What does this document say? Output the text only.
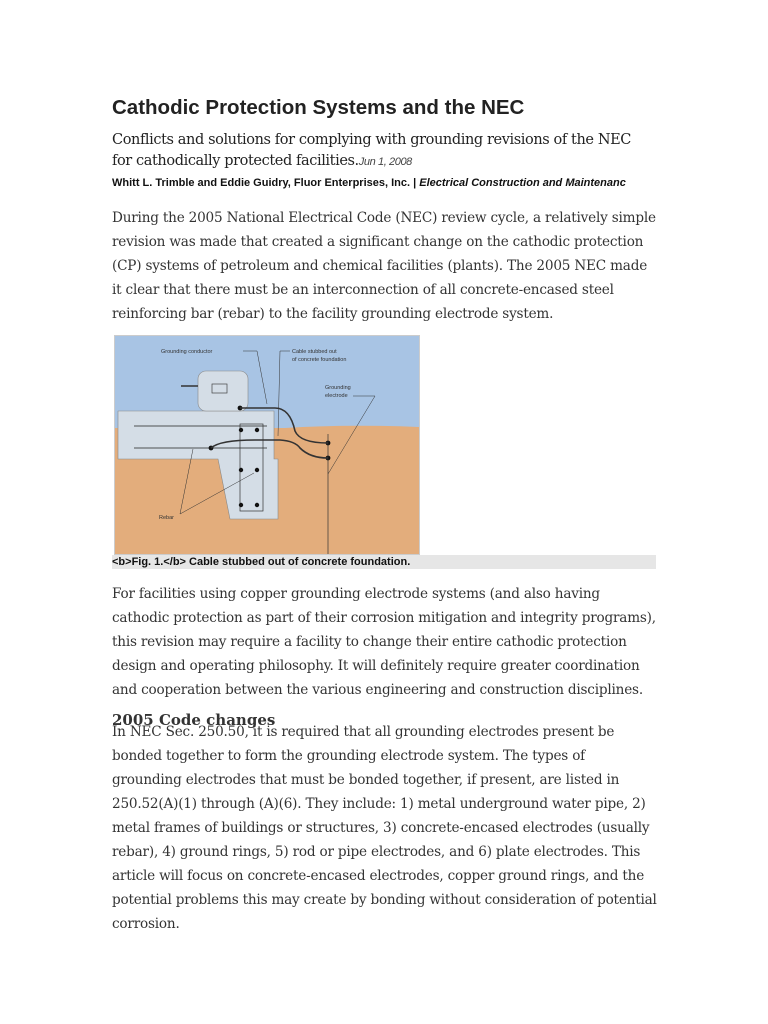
Cathodic Protection Systems and the NEC
Conflicts and solutions for complying with grounding revisions of the NEC for cathodically protected facilities.Jun 1, 2008
Whitt L. Trimble and Eddie Guidry, Fluor Enterprises, Inc. | Electrical Construction and Maintenanc

During the 2005 National Electrical Code (NEC) review cycle, a relatively simple revision was made that created a significant change on the cathodic protection (CP) systems of petroleum and chemical facilities (plants). The 2005 NEC made it clear that there must be an interconnection of all concrete-encased steel reinforcing bar (rebar) to the facility grounding electrode system.

Grounding conductor	Cable stubbed out
of concrete foundation
Grounding
electrode
Rebar
<b>Fig. 1.</b> Cable stubbed out of concrete foundation.

For facilities using copper grounding electrode systems (and also having cathodic protection as part of their corrosion mitigation and integrity programs), this revision may require a facility to change their entire cathodic protection design and operating philosophy. It will definitely require greater coordination and cooperation between the various engineering and construction disciplines.

2005 Code changes

In NEC Sec. 250.50, it is required that all grounding electrodes present be bonded together to form the grounding electrode system. The types of grounding electrodes that must be bonded together, if present, are listed in 250.52(A)(1) through (A)(6). They include: 1) metal underground water pipe, 2) metal frames of buildings or structures, 3) concrete-encased electrodes (usually rebar), 4) ground rings, 5) rod or pipe electrodes, and 6) plate electrodes. This article will focus on concrete-encased electrodes, copper ground rings, and the potential problems this may create by bonding without consideration of potential corrosion.
